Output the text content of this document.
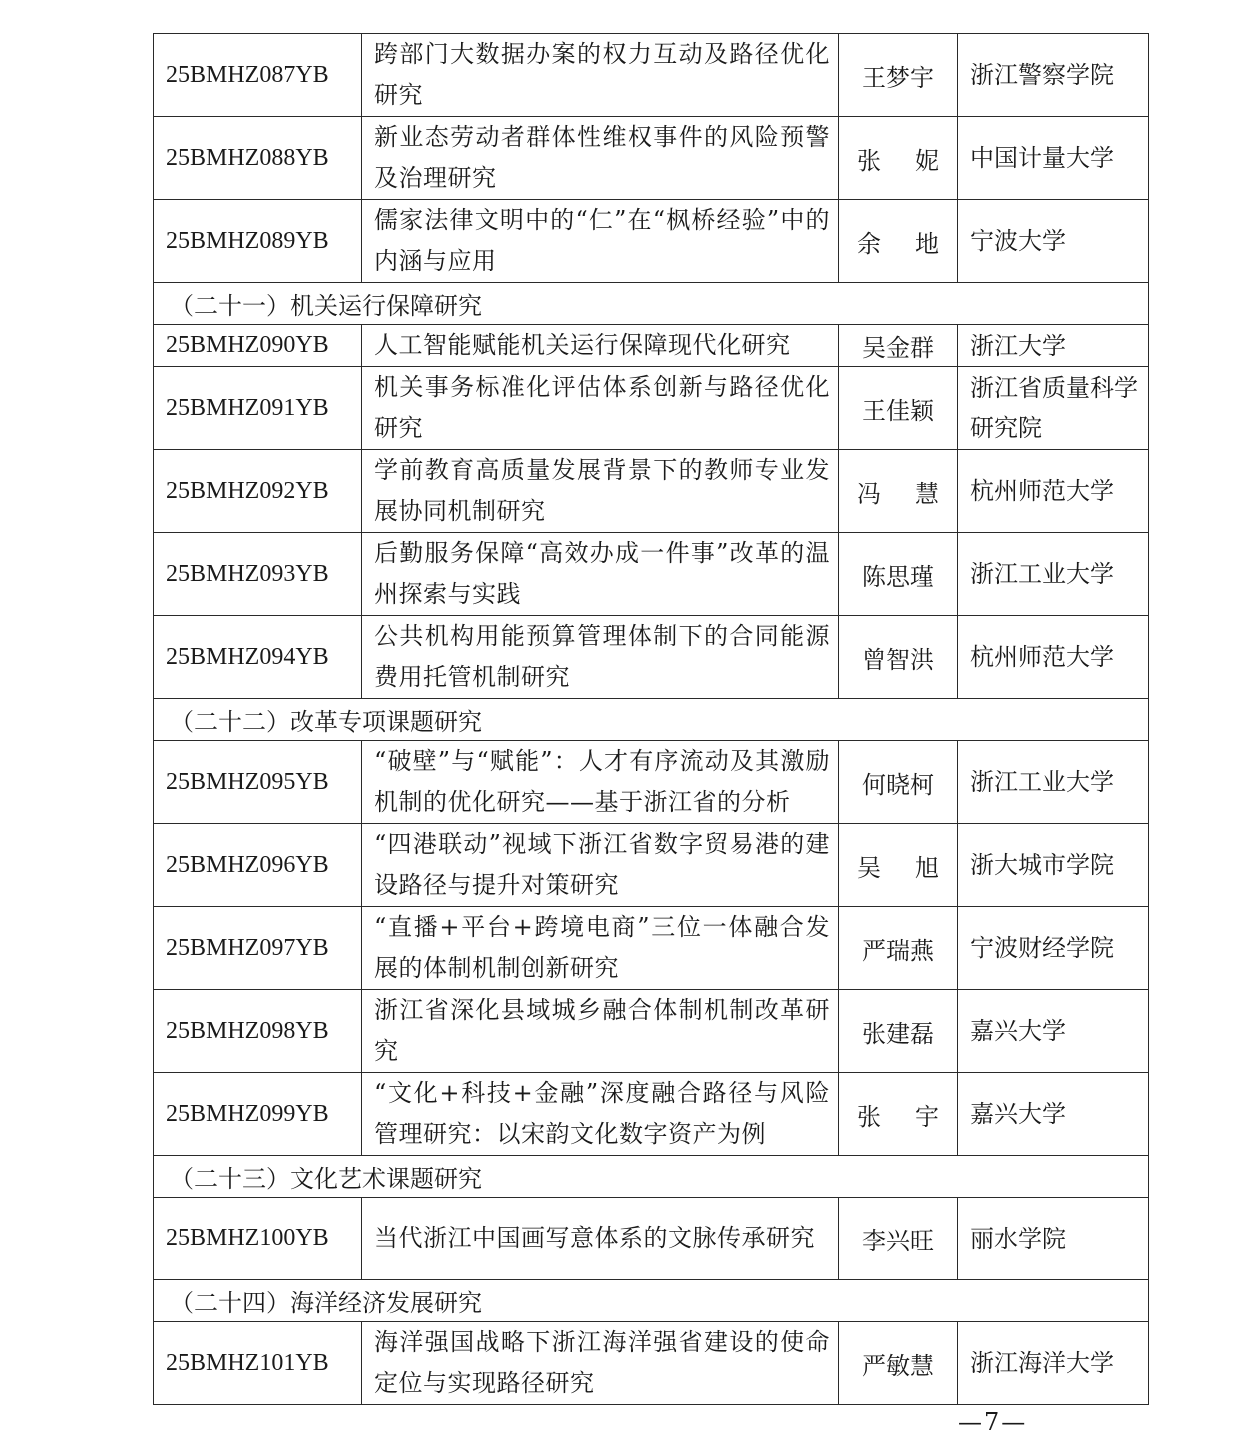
25BMHZ087YB	跨部门大数据办案的权力互动及路径优化研究	王梦宇	浙江警察学院
25BMHZ088YB	新业态劳动者群体性维权事件的风险预警及治理研究	张妮	中国计量大学
25BMHZ089YB	儒家法律文明中的“仁”在“枫桥经验”中的内涵与应用	余地	宁波大学
（二十一）机关运行保障研究			
25BMHZ090YB	人工智能赋能机关运行保障现代化研究	吴金群	浙江大学
25BMHZ091YB	机关事务标准化评估体系创新与路径优化研究	王佳颖	浙江省质量科学研究院
25BMHZ092YB	学前教育高质量发展背景下的教师专业发展协同机制研究	冯慧	杭州师范大学
25BMHZ093YB	后勤服务保障“高效办成一件事”改革的温州探索与实践	陈思瑾	浙江工业大学
25BMHZ094YB	公共机构用能预算管理体制下的合同能源费用托管机制研究	曾智洪	杭州师范大学
（二十二）改革专项课题研究			
25BMHZ095YB	“破壁”与“赋能”：人才有序流动及其激励机制的优化研究——基于浙江省的分析	何晓柯	浙江工业大学
25BMHZ096YB	“四港联动”视域下浙江省数字贸易港的建设路径与提升对策研究	吴旭	浙大城市学院
25BMHZ097YB	“直播+平台+跨境电商”三位一体融合发展的体制机制创新研究	严瑞燕	宁波财经学院
25BMHZ098YB	浙江省深化县域城乡融合体制机制改革研究	张建磊	嘉兴大学
25BMHZ099YB	“文化+科技+金融”深度融合路径与风险管理研究：以宋韵文化数字资产为例	张宇	嘉兴大学
（二十三）文化艺术课题研究			
25BMHZ100YB	当代浙江中国画写意体系的文脉传承研究	李兴旺	丽水学院
（二十四）海洋经济发展研究			
25BMHZ101YB	海洋强国战略下浙江海洋强省建设的使命定位与实现路径研究	严敏慧	浙江海洋大学
—7—
